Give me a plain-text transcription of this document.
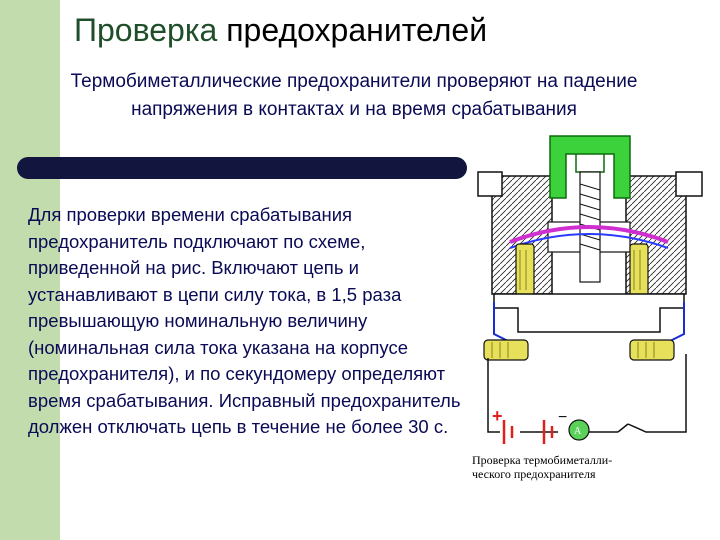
Проверка предохранителей
Термобиметаллические предохранители проверяют на падение напряжения в контактах и на время срабатывания
Для проверки времени срабатывания предохранитель подключают по схеме, приведенной на рис. Включают цепь и устанавливают в цепи силу тока, в 1,5 раза превышающую номинальную величину (номинальная сила тока указана на корпусе предохранителя), и по секундомеру определяют время срабатывания. Исправный предохранитель должен отключать цепь в течение не более 30 с.	+	−
A
Проверка термобиметалли-
ческого предохранителя
